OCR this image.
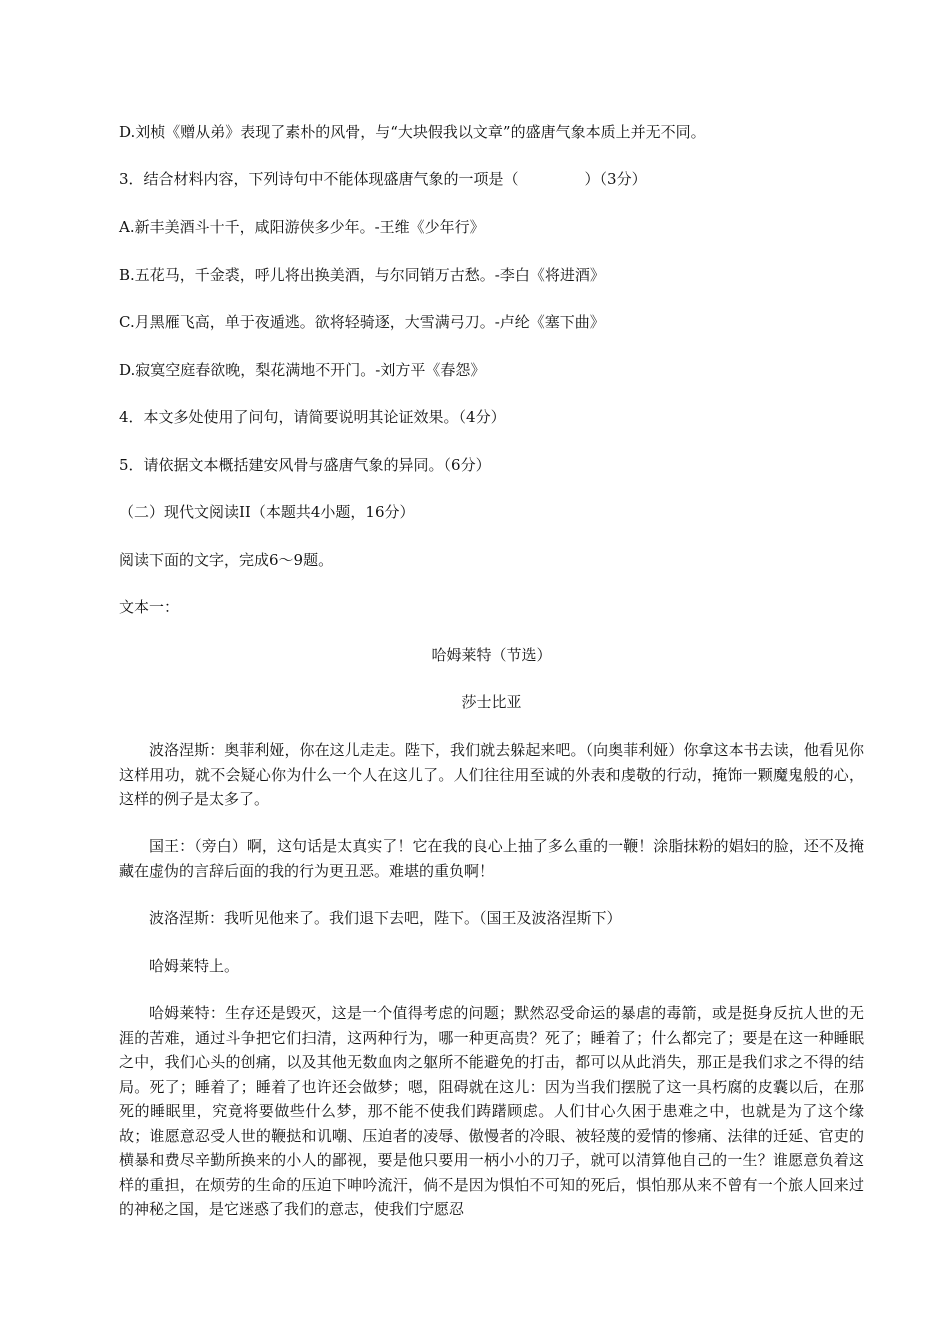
D.刘桢《赠从弟》表现了素朴的风骨，与“大块假我以文章”的盛唐气象本质上并无不同。
3．结合材料内容，下列诗句中不能体现盛唐气象的一项是（	）（3分）
A.新丰美酒斗十千，咸阳游侠多少年。-王维《少年行》
B.五花马，千金裘，呼儿将出换美酒，与尔同销万古愁。-李白《将进酒》
C.月黑雁飞高，单于夜遁逃。欲将轻骑逐，大雪满弓刀。-卢纶《塞下曲》
D.寂寞空庭春欲晚，梨花满地不开门。-刘方平《春怨》
4．本文多处使用了问句，请简要说明其论证效果。（4分）
5．请依据文本概括建安风骨与盛唐气象的异同。（6分）
（二）现代文阅读II（本题共4小题，16分）
阅读下面的文字，完成6～9题。
文本一：
哈姆莱特（节选）
莎士比亚
波洛涅斯：奥菲利娅，你在这儿走走。陛下，我们就去躲起来吧。（向奥菲利娅）你拿这本书去读，他看见你这样用功，就不会疑心你为什么一个人在这儿了。人们往往用至诚的外表和虔敬的行动，掩饰一颗魔鬼般的心，这样的例子是太多了。
国王：（旁白）啊，这句话是太真实了！它在我的良心上抽了多么重的一鞭！涂脂抹粉的娼妇的脸，还不及掩藏在虚伪的言辞后面的我的行为更丑恶。难堪的重负啊！
波洛涅斯：我听见他来了。我们退下去吧，陛下。（国王及波洛涅斯下）
哈姆莱特上。
哈姆莱特：生存还是毁灭，这是一个值得考虑的问题；默然忍受命运的暴虐的毒箭，或是挺身反抗人世的无涯的苦难，通过斗争把它们扫清，这两种行为，哪一种更高贵？死了；睡着了；什么都完了；要是在这一种睡眠之中，我们心头的创痛，以及其他无数血肉之躯所不能避免的打击，都可以从此消失，那正是我们求之不得的结局。死了；睡着了；睡着了也许还会做梦；嗯，阻碍就在这儿：因为当我们摆脱了这一具朽腐的皮囊以后，在那死的睡眠里，究竟将要做些什么梦，那不能不使我们踌躇顾虑。人们甘心久困于患难之中，也就是为了这个缘故；谁愿意忍受人世的鞭挞和讥嘲、压迫者的凌辱、傲慢者的冷眼、被轻蔑的爱情的惨痛、法律的迁延、官吏的横暴和费尽辛勤所换来的小人的鄙视，要是他只要用一柄小小的刀子，就可以清算他自己的一生？谁愿意负着这样的重担，在烦劳的生命的压迫下呻吟流汗，倘不是因为惧怕不可知的死后，惧怕那从来不曾有一个旅人回来过的神秘之国，是它迷惑了我们的意志，使我们宁愿忍
